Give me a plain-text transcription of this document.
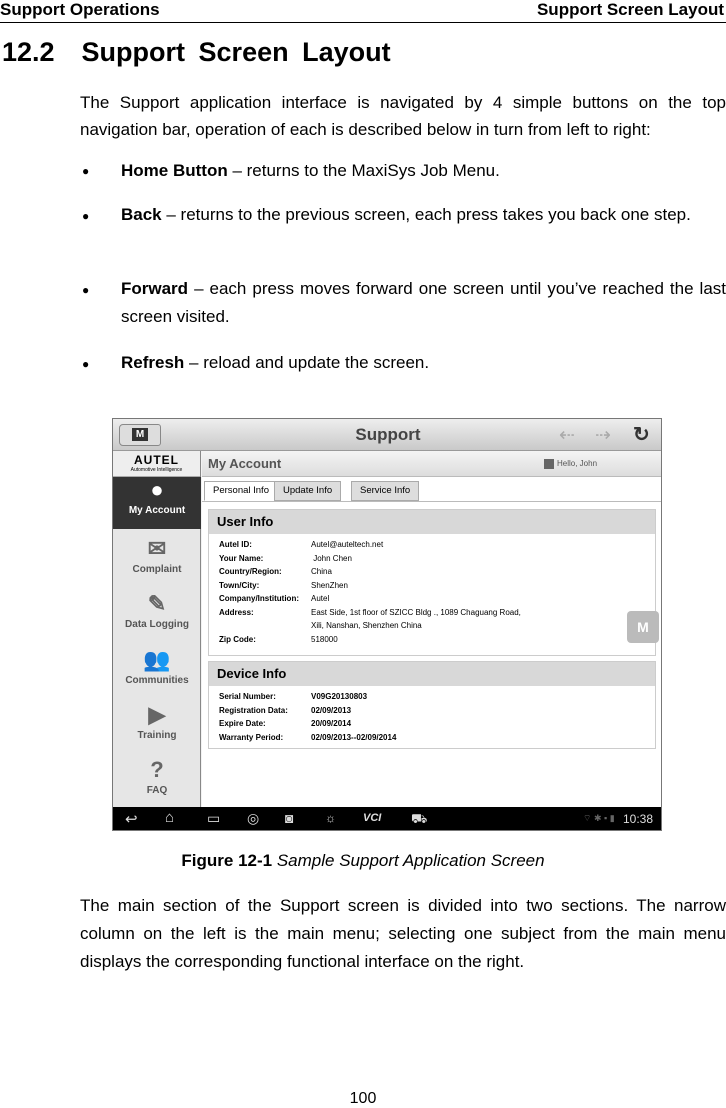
Support Operations	Support Screen Layout
12.2  Support Screen Layout
The Support application interface is navigated by 4 simple buttons on the top navigation bar, operation of each is described below in turn from left to right:
● Home Button – returns to the MaxiSys Job Menu.
● Back – returns to the previous screen, each press takes you back one step.
● Forward – each press moves forward one screen until you’ve reached the last screen visited.
● Refresh – reload and update the screen.
M	Support	⇠ ⇢ ↻
AUTEL
Automotive Intelligence
●
My Account
✉
Complaint
✎
Data Logging
👥
Communities
▶
Training
?
FAQ
My Account	Hello, John
Personal Info	Update Info	Service Info
User Info
Autel ID:	Autel@auteltech.net
Your Name:	John Chen
Country/Region:	China
Town/City:	ShenZhen
Company/Institution:	Autel
Address:	East Side, 1st floor of SZICC Bldg ., 1089 Chaguang Road,
Xili, Nanshan, Shenzhen China
Zip Code:	518000
Device Info
Serial Number:	V09G20130803
Registration Data:	02/09/2013
Expire Date:	20/09/2014
Warranty Period:	02/09/2013--02/09/2014
M
↩ ⌂ ▭ ◎ ◙	☼ VCI ⛟	⌔ ✱ ▪ ▮ 10:38
Figure 12-1 Sample Support Application Screen
The main section of the Support screen is divided into two sections. The narrow column on the left is the main menu; selecting one subject from the main menu displays the corresponding functional interface on the right.
100
